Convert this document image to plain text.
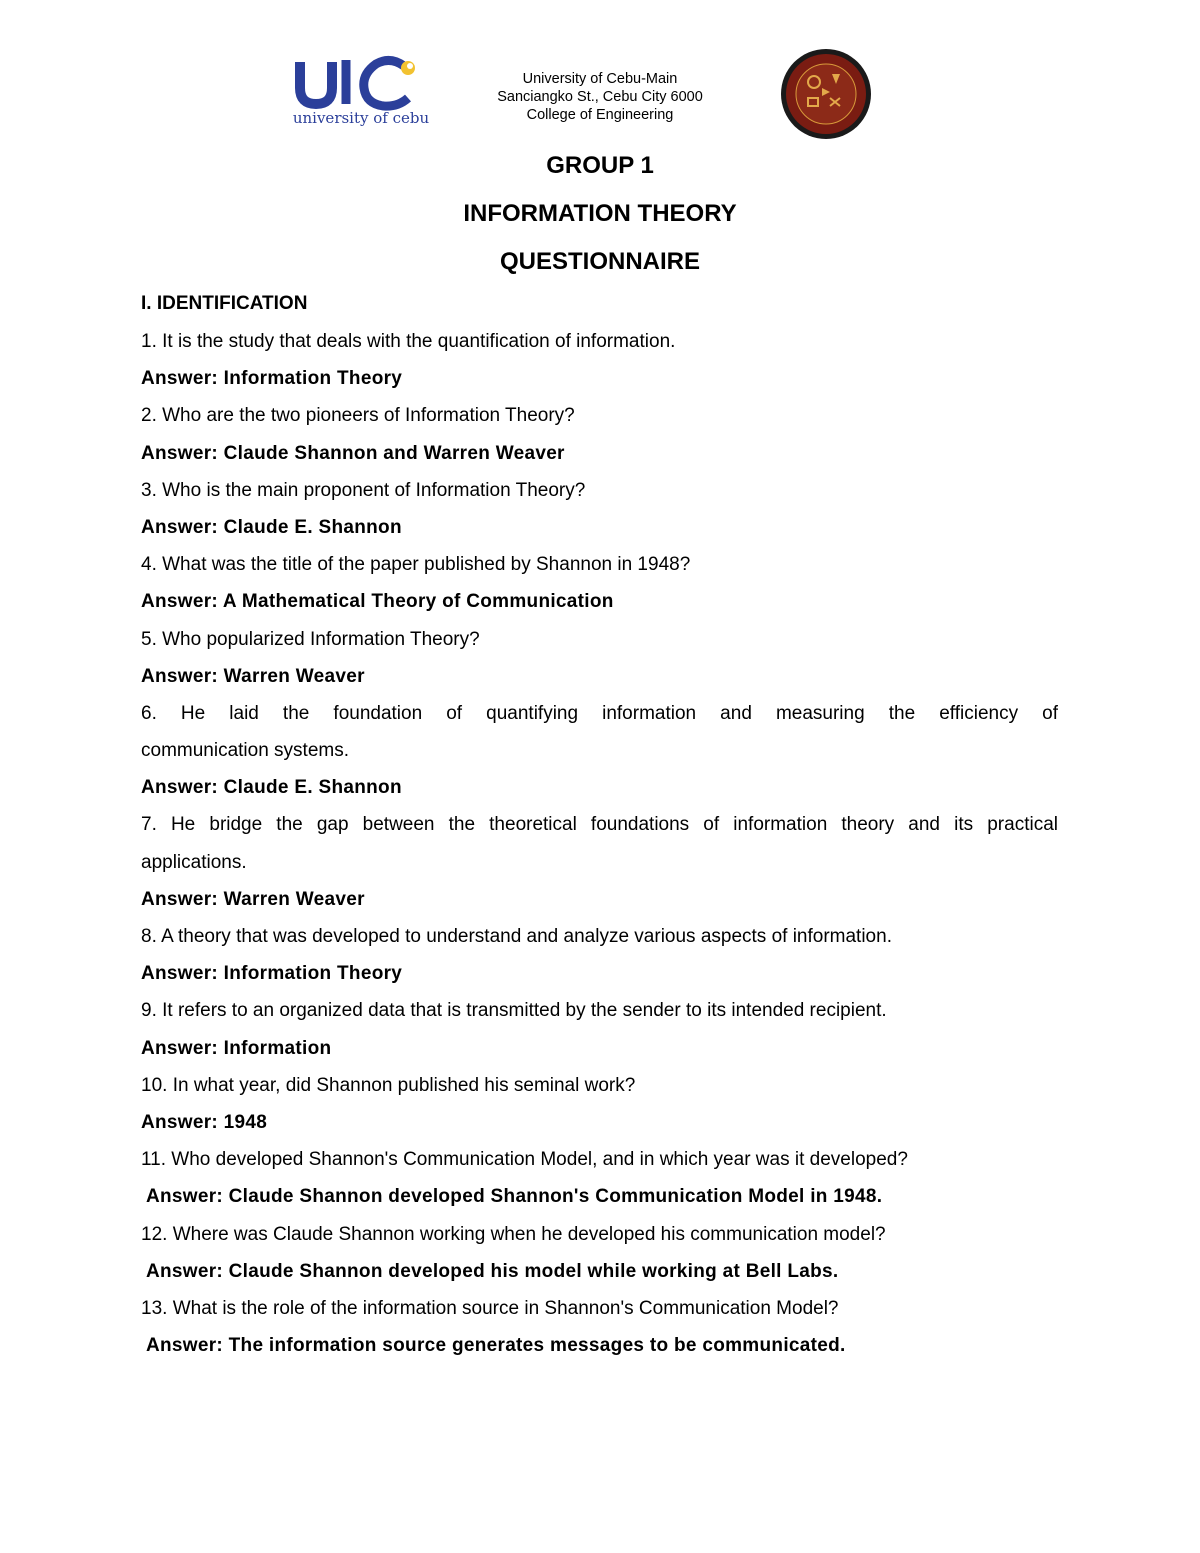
university of cebu
University of Cebu-Main
Sanciangko St., Cebu City 6000
College of Engineering
GROUP 1
INFORMATION THEORY
QUESTIONNAIRE
I. IDENTIFICATION
1. It is the study that deals with the quantification of information.
Answer: Information Theory
2. Who are the two pioneers of Information Theory?
Answer: Claude Shannon and Warren Weaver
3. Who is the main proponent of Information Theory?
Answer: Claude E. Shannon
4. What was the title of the paper published by Shannon in 1948?
Answer: A Mathematical Theory of Communication
5. Who popularized Information Theory?
Answer: Warren Weaver
6. He laid the foundation of quantifying information and measuring the efficiency of
communication systems.
Answer: Claude E. Shannon
7. He bridge the gap between the theoretical foundations of information theory and its practical
applications.
Answer: Warren Weaver
8. A theory that was developed to understand and analyze various aspects of information.
Answer: Information Theory
9. It refers to an organized data that is transmitted by the sender to its intended recipient.
Answer: Information
10. In what year, did Shannon published his seminal work?
Answer: 1948
11. Who developed Shannon's Communication Model, and in which year was it developed?
Answer: Claude Shannon developed Shannon's Communication Model in 1948.
12. Where was Claude Shannon working when he developed his communication model?
Answer: Claude Shannon developed his model while working at Bell Labs.
13. What is the role of the information source in Shannon's Communication Model?
Answer: The information source generates messages to be communicated.
